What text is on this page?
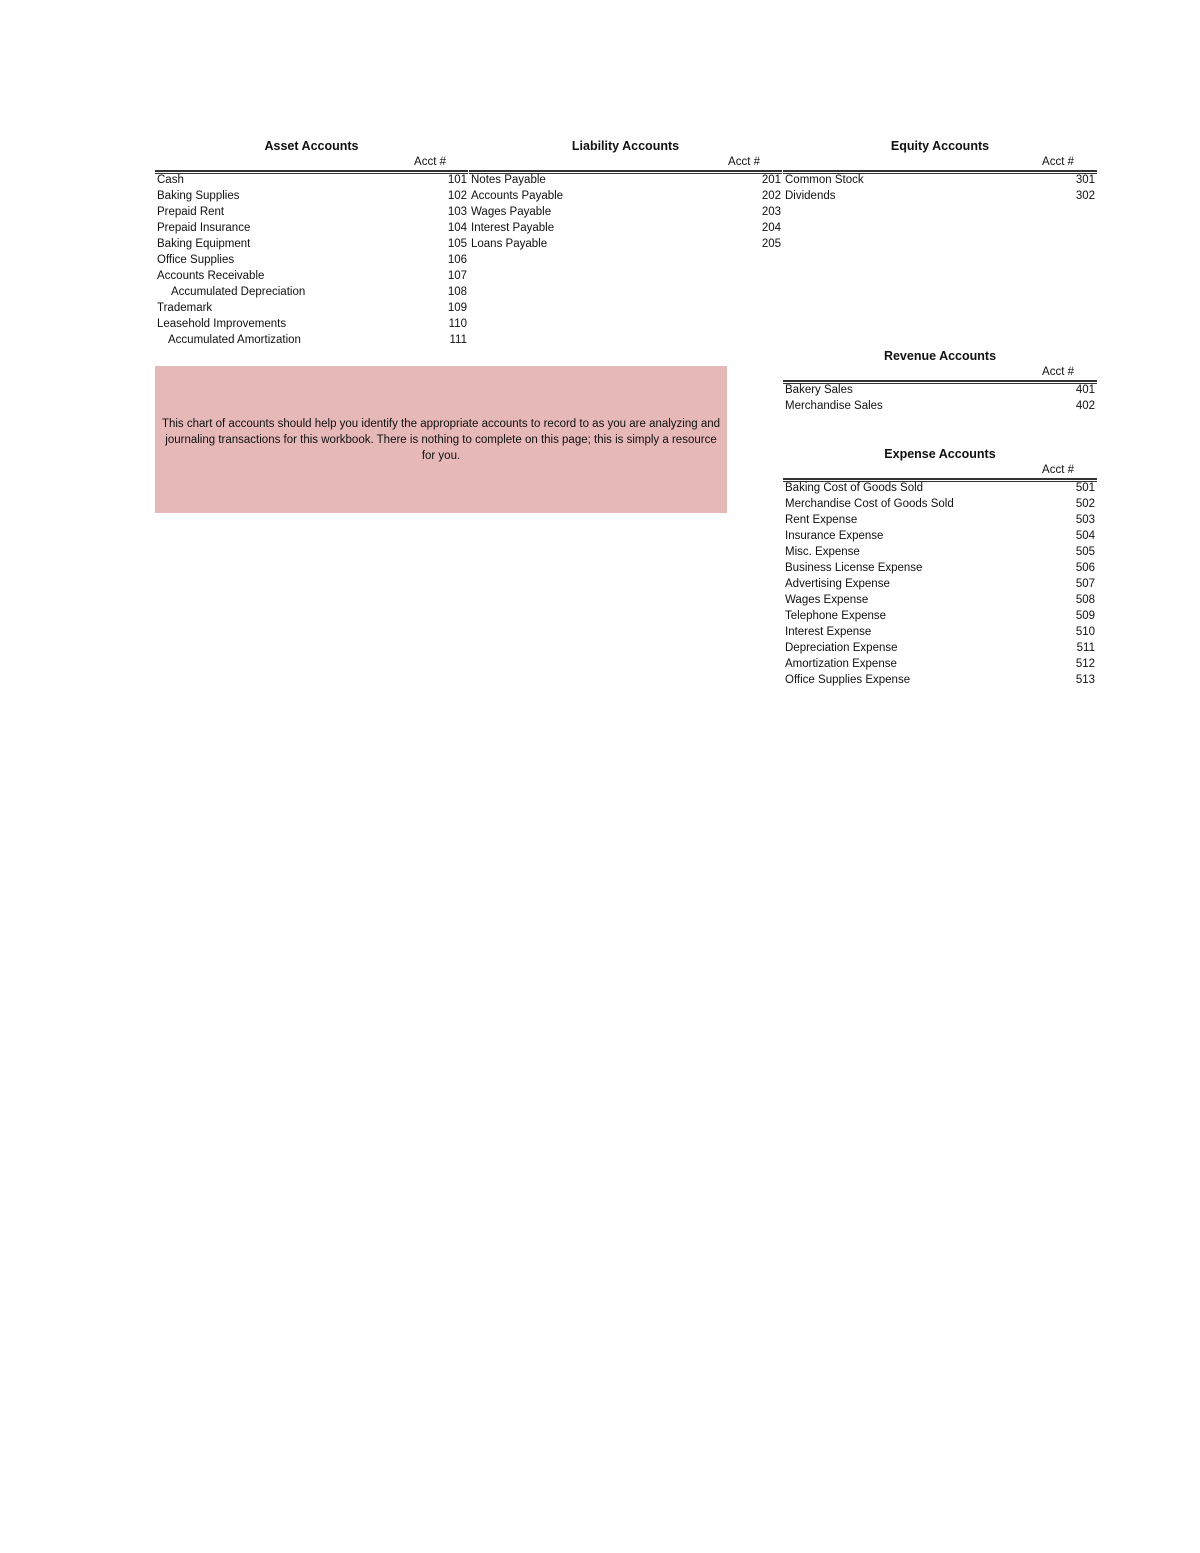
Asset Accounts
Acct #
Cash	101
Baking Supplies	102
Prepaid Rent	103
Prepaid Insurance	104
Baking Equipment	105
Office Supplies	106
Accounts Receivable	107
Accumulated Depreciation	108
Trademark	109
Leasehold Improvements	110
Accumulated Amortization	111
Liability Accounts
Acct #
Notes Payable	201
Accounts Payable	202
Wages Payable	203
Interest Payable	204
Loans Payable	205
Equity Accounts
Acct #
Common Stock	301
Dividends	302
Revenue Accounts
Acct #
Bakery Sales	401
Merchandise Sales	402
Expense Accounts
Acct #
Baking Cost of Goods Sold	501
Merchandise Cost of Goods Sold	502
Rent Expense	503
Insurance Expense	504
Misc. Expense	505
Business License Expense	506
Advertising Expense	507
Wages Expense	508
Telephone Expense	509
Interest Expense	510
Depreciation Expense	511
Amortization Expense	512
Office Supplies Expense	513
This chart of accounts should help you identify the appropriate accounts to record to as you are analyzing and journaling transactions for this workbook. There is nothing to complete on this page; this is simply a resource for you.
